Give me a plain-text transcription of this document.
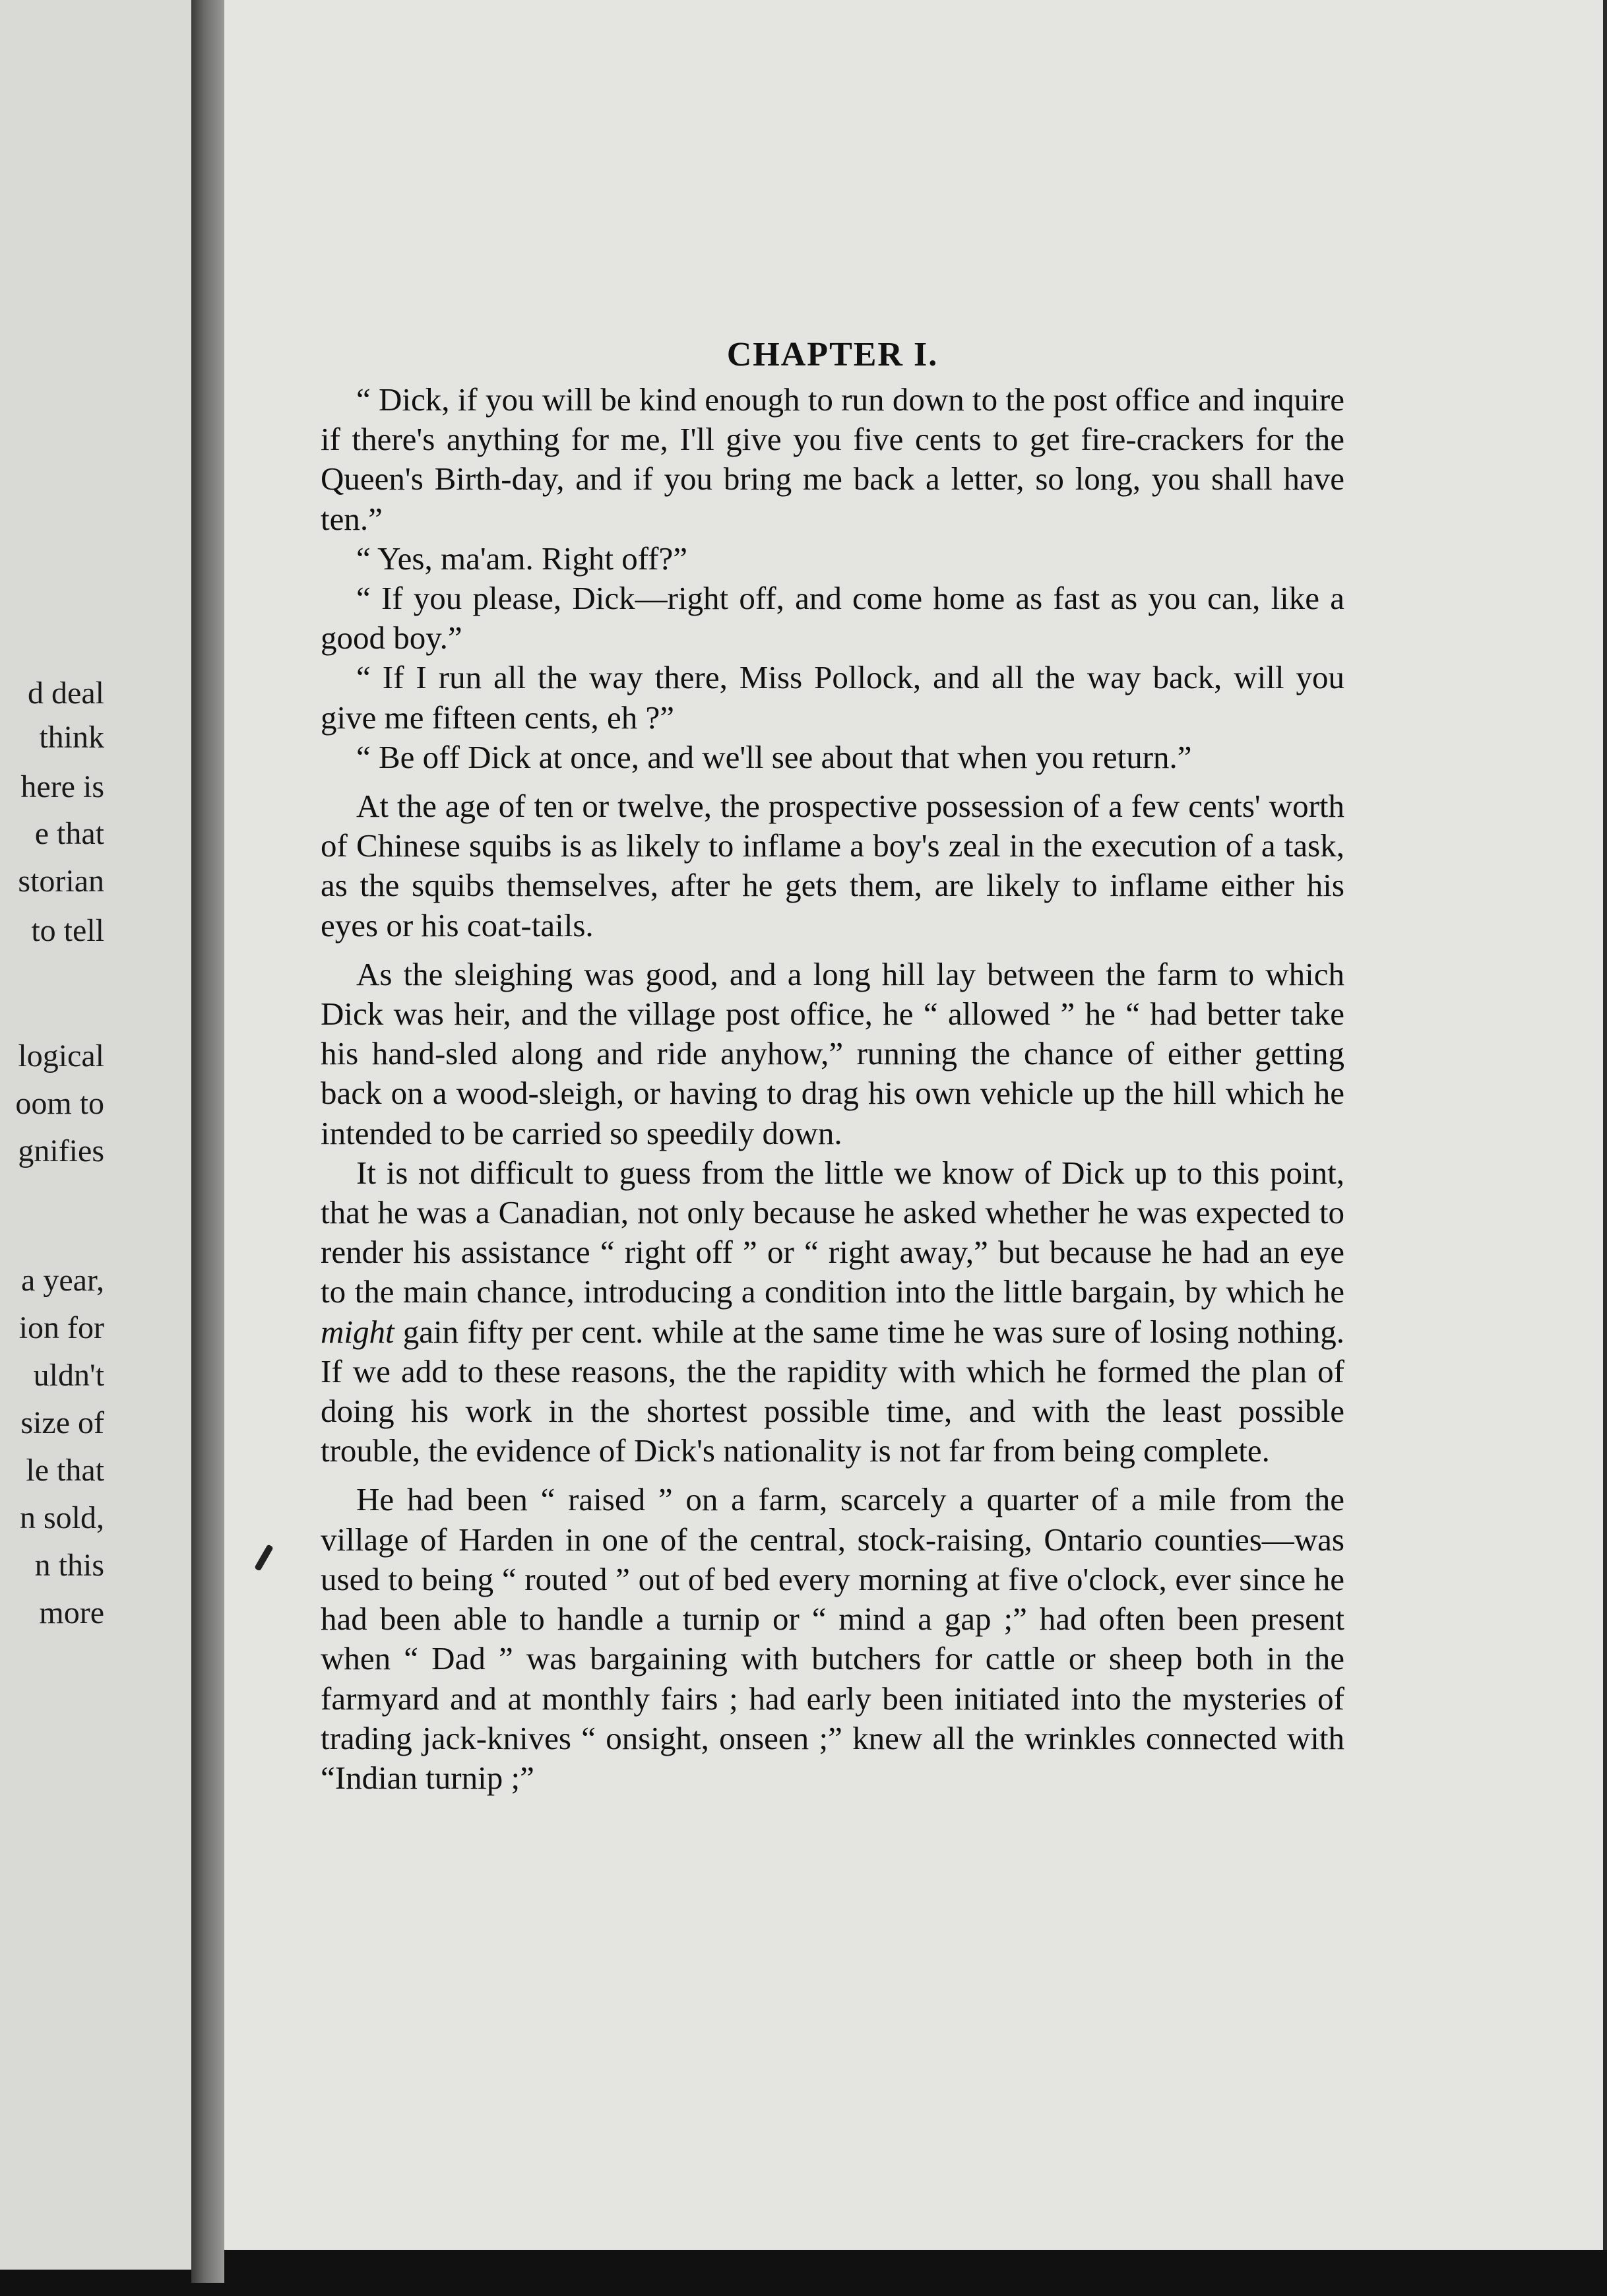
d deal
think
here is
e that
storian
to tell
logical
oom to
gnifies
a year,
ion for
uldn't
size of
le that
n sold,
n this
more
CHAPTER I.

“ Dick, if you will be kind enough to run down to the post office and inquire if there's anything for me, I'll give you five cents to get fire-crackers for the Queen's Birth-day, and if you bring me back a letter, so long, you shall have ten.”

“ Yes, ma'am. Right off?”

“ If you please, Dick—right off, and come home as fast as you can, like a good boy.”

“ If I run all the way there, Miss Pollock, and all the way back, will you give me fifteen cents, eh ?”

“ Be off Dick at once, and we'll see about that when you return.”

At the age of ten or twelve, the prospective possession of a few cents' worth of Chinese squibs is as likely to inflame a boy's zeal in the execution of a task, as the squibs themselves, after he gets them, are likely to inflame either his eyes or his coat-tails.

As the sleighing was good, and a long hill lay between the farm to which Dick was heir, and the village post office, he “ allowed ” he “ had better take his hand-sled along and ride anyhow,” running the chance of either getting back on a wood-sleigh, or having to drag his own vehicle up the hill which he intended to be carried so speedily down.

It is not difficult to guess from the little we know of Dick up to this point, that he was a Canadian, not only because he asked whether he was expected to render his assistance “ right off ” or “ right away,” but because he had an eye to the main chance, introducing a condition into the little bargain, by which he might gain fifty per cent. while at the same time he was sure of losing nothing. If we add to these reasons, the the rapidity with which he formed the plan of doing his work in the shortest possible time, and with the least possible trouble, the evidence of Dick's nationality is not far from being complete.

He had been “ raised ” on a farm, scarcely a quarter of a mile from the village of Harden in one of the central, stock-raising, Ontario counties—was used to being “ routed ” out of bed every morning at five o'clock, ever since he had been able to handle a turnip or “ mind a gap ;” had often been present when “ Dad ” was bargaining with butchers for cattle or sheep both in the farmyard and at monthly fairs ; had early been initiated into the mysteries of trading jack-knives “ onsight, onseen ;” knew all the wrinkles connected with “Indian turnip ;”
